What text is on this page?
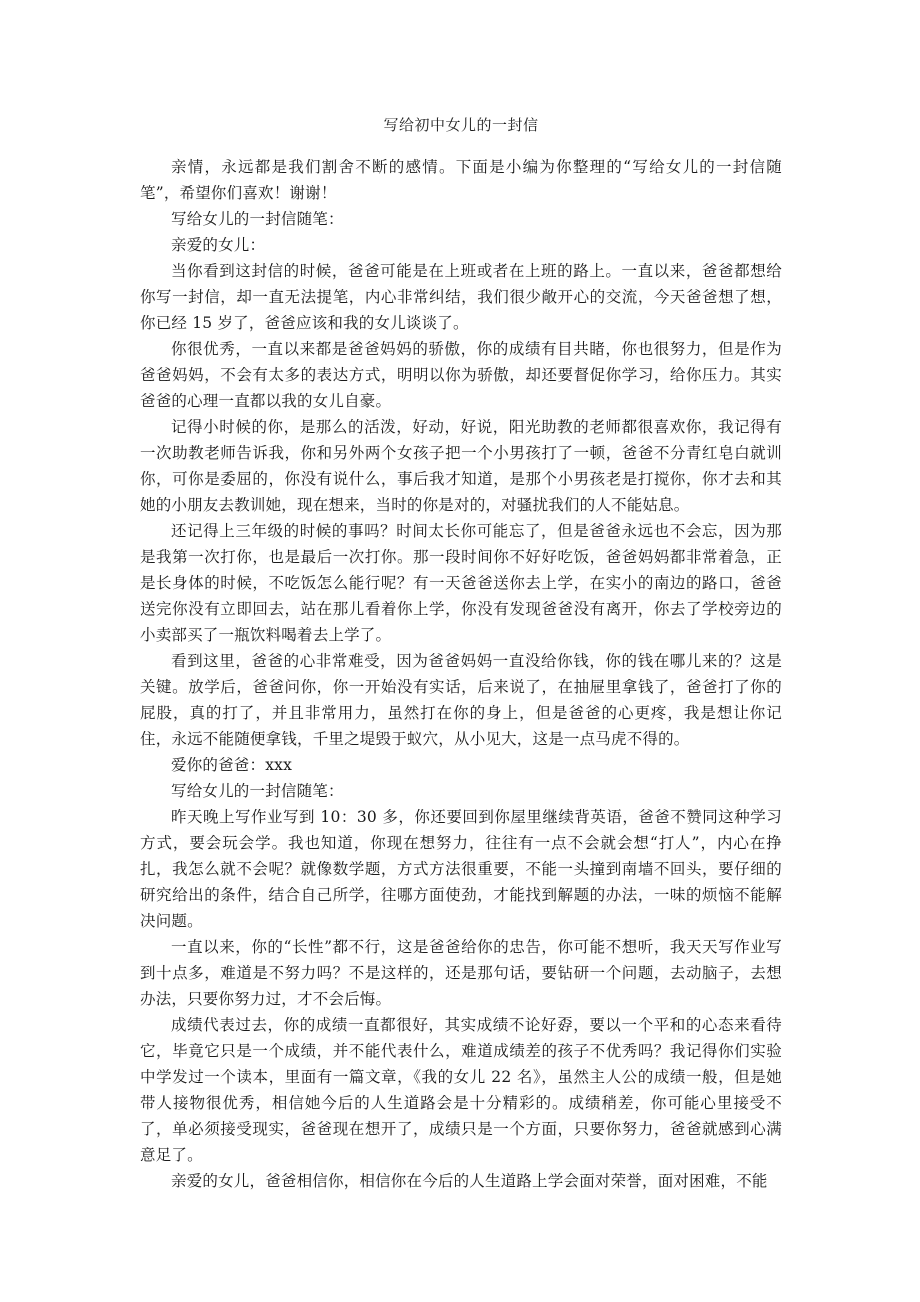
写给初中女儿的一封信

亲情，永远都是我们割舍不断的感情。下面是小编为你整理的“写给女儿的一封信随笔”，希望你们喜欢！谢谢！

写给女儿的一封信随笔：

亲爱的女儿：

当你看到这封信的时候，爸爸可能是在上班或者在上班的路上。一直以来，爸爸都想给你写一封信，却一直无法提笔，内心非常纠结，我们很少敞开心的交流，今天爸爸想了想，你已经 15 岁了，爸爸应该和我的女儿谈谈了。

你很优秀，一直以来都是爸爸妈妈的骄傲，你的成绩有目共睹，你也很努力，但是作为爸爸妈妈，不会有太多的表达方式，明明以你为骄傲，却还要督促你学习，给你压力。其实爸爸的心理一直都以我的女儿自豪。

记得小时候的你，是那么的活泼，好动，好说，阳光助教的老师都很喜欢你，我记得有一次助教老师告诉我，你和另外两个女孩子把一个小男孩打了一顿，爸爸不分青红皂白就训你，可你是委屈的，你没有说什么，事后我才知道，是那个小男孩老是打搅你，你才去和其她的小朋友去教训她，现在想来，当时的你是对的，对骚扰我们的人不能姑息。

还记得上三年级的时候的事吗？时间太长你可能忘了，但是爸爸永远也不会忘，因为那是我第一次打你，也是最后一次打你。那一段时间你不好好吃饭，爸爸妈妈都非常着急，正是长身体的时候，不吃饭怎么能行呢？有一天爸爸送你去上学，在实小的南边的路口，爸爸送完你没有立即回去，站在那儿看着你上学，你没有发现爸爸没有离开，你去了学校旁边的小卖部买了一瓶饮料喝着去上学了。

看到这里，爸爸的心非常难受，因为爸爸妈妈一直没给你钱，你的钱在哪儿来的？这是关键。放学后，爸爸问你，你一开始没有实话，后来说了，在抽屉里拿钱了，爸爸打了你的屁股，真的打了，并且非常用力，虽然打在你的身上，但是爸爸的心更疼，我是想让你记住，永远不能随便拿钱，千里之堤毁于蚁穴，从小见大，这是一点马虎不得的。

爱你的爸爸：xxx

写给女儿的一封信随笔：

昨天晚上写作业写到 10：30 多，你还要回到你屋里继续背英语，爸爸不赞同这种学习方式，要会玩会学。我也知道，你现在想努力，往往有一点不会就会想“打人”，内心在挣扎，我怎么就不会呢？就像数学题，方式方法很重要，不能一头撞到南墙不回头，要仔细的研究给出的条件，结合自己所学，往哪方面使劲，才能找到解题的办法，一味的烦恼不能解决问题。

一直以来，你的“长性”都不行，这是爸爸给你的忠告，你可能不想听，我天天写作业写到十点多，难道是不努力吗？不是这样的，还是那句话，要钻研一个问题，去动脑子，去想办法，只要你努力过，才不会后悔。

成绩代表过去，你的成绩一直都很好，其实成绩不论好孬，要以一个平和的心态来看待它，毕竟它只是一个成绩，并不能代表什么，难道成绩差的孩子不优秀吗？我记得你们实验中学发过一个读本，里面有一篇文章，《我的女儿 22 名》，虽然主人公的成绩一般，但是她带人接物很优秀，相信她今后的人生道路会是十分精彩的。成绩稍差，你可能心里接受不了，单必须接受现实，爸爸现在想开了，成绩只是一个方面，只要你努力，爸爸就感到心满意足了。

亲爱的女儿，爸爸相信你，相信你在今后的人生道路上学会面对荣誉，面对困难，不能
